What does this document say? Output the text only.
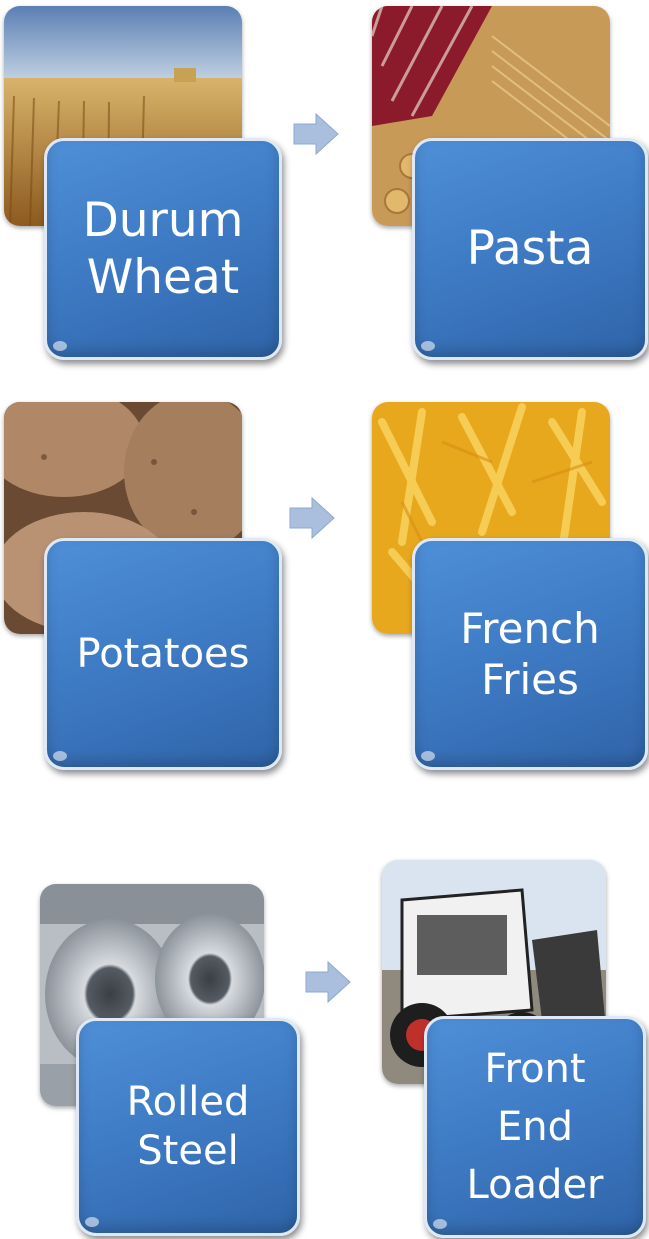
Durum
Wheat
Pasta
Potatoes
French
Fries
Rolled
Steel
Front
End
Loader
